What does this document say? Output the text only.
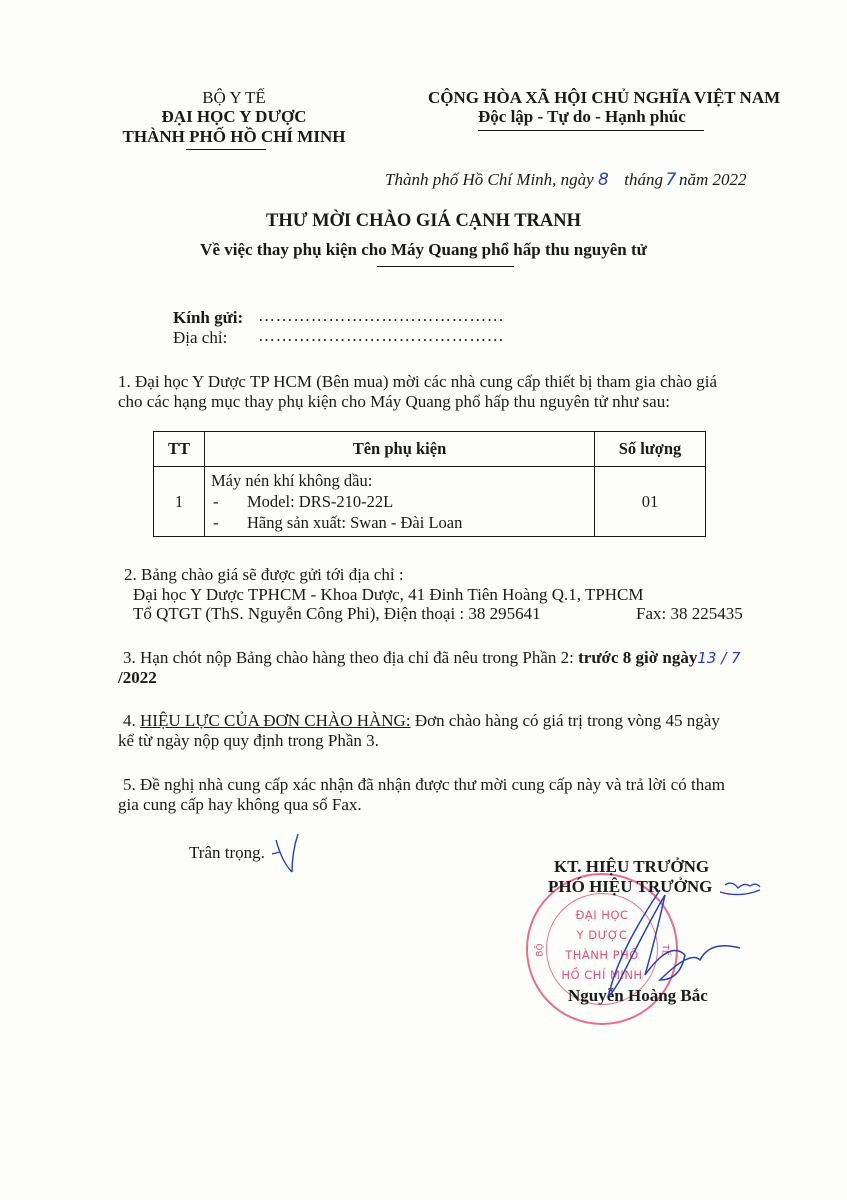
BỘ Y TẾ
ĐẠI HỌC Y DƯỢC
THÀNH PHỐ HỒ CHÍ MINH
CỘNG HÒA XÃ HỘI CHỦ NGHĨA VIỆT NAM
Độc lập - Tự do - Hạnh phúc
Thành phố Hồ Chí Minh, ngày 8 tháng 7 năm 2022
THƯ MỜI CHÀO GIÁ CẠNH TRANH
Về việc thay phụ kiện cho Máy Quang phổ hấp thu nguyên tử
Kính gửi: ……………………………………
Địa chỉ: ……………………………………
1. Đại học Y Dược TP HCM (Bên mua) mời các nhà cung cấp thiết bị tham gia chào giá
cho các hạng mục thay phụ kiện cho Máy Quang phổ hấp thu nguyên tử như sau:
TT	Tên phụ kiện	Số lượng
1	Máy nén khí không dầu:
- Model: DRS-210-22L
- Hãng sản xuất: Swan - Đài Loan	01
2. Bảng chào giá sẽ được gửi tới địa chỉ :
Đại học Y Dược TPHCM - Khoa Dược, 41 Đinh Tiên Hoàng Q.1, TPHCM
Tổ QTGT (ThS. Nguyễn Công Phi), Điện thoại : 38 295641	Fax: 38 225435
3. Hạn chót nộp Bảng chào hàng theo địa chỉ đã nêu trong Phần 2: trước 8 giờ ngày13 / 7
/2022
4. HIỆU LỰC CỦA ĐƠN CHÀO HÀNG: Đơn chào hàng có giá trị trong vòng 45 ngày
kể từ ngày nộp quy định trong Phần 3.
5. Đề nghị nhà cung cấp xác nhận đã nhận được thư mời cung cấp này và trả lời có tham
gia cung cấp hay không qua số Fax.
Trân trọng.
ĐẠI HỌC
Y DƯỢC
THÀNH PHỐ
HỒ CHÍ MINH
BỘ	TẾ
KT. HIỆU TRƯỞNG
PHÓ HIỆU TRƯỞNG
Nguyễn Hoàng Bắc
